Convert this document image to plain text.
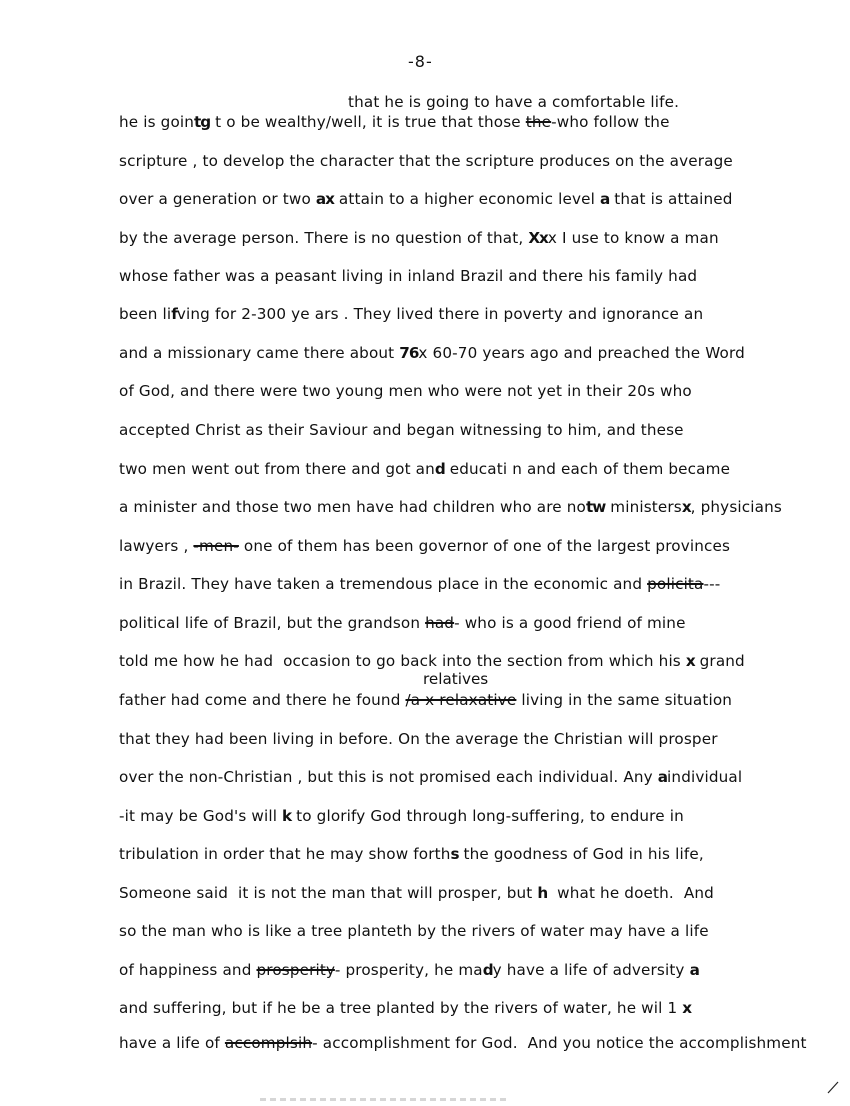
-8-
relatives
that he is going to have a comfortable life.
he is gointg t o be wealthy/well, it is true that those the-who follow the
scripture , to develop the character that the scripture produces on the average
over a generation or two ax attain to a higher economic level a that is attained
by the average person. There is no question of that, Xxx I use to know a man
whose father was a peasant living in inland Brazil and there his family had
been lifving for 2-300 ye ars . They lived there in poverty and ignorance an
and a missionary came there about 76x 60-70 years ago and preached the Word
of God, and there were two young men who were not yet in their 20s who
accepted Christ as their Saviour and began witnessing to him, and these
two men went out from there and got and educati n and each of them became
a minister and those two men have had children who are notw ministersx, physicians
lawyers , -men- one of them has been governor of one of the largest provinces
in Brazil. They have taken a tremendous place in the economic and policita---
political life of Brazil, but the grandson had- who is a good friend of mine
told me how he had  occasion to go back into the section from which his x grand
father had come and there he found /a x relaxative living in the same situation
that they had been living in before. On the average the Christian will prosper
over the non-Christian , but this is not promised each individual. Any aindividual
-it may be God's will k to glorify God through long-suffering, to endure in
tribulation in order that he may show forths the goodness of God in his life,
Someone said  it is not the man that will prosper, but h  what he doeth.  And
so the man who is like a tree planteth by the rivers of water may have a life
of happiness and prosperity- prosperity, he mady have a life of adversity a
and suffering, but if he be a tree planted by the rivers of water, he wil 1 x
have a life of accomplsih- accomplishment for God.  And you notice the accomplishment
